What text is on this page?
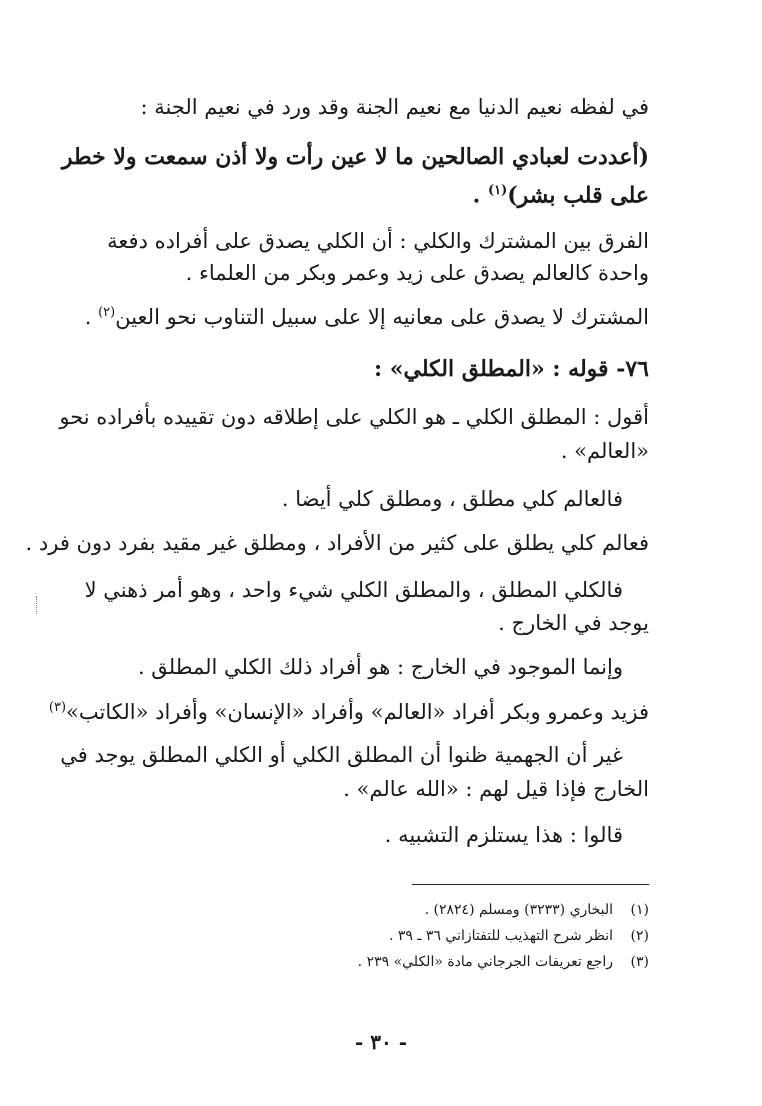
في لفظه نعيم الدنيا مع نعيم الجنة وقد ورد في نعيم الجنة :
(أعددت لعبادي الصالحين ما لا عين رأت ولا أذن سمعت ولا خطر
على قلب بشر)$^{(١)}$ .
الفرق بين المشترك والكلي : أن الكلي يصدق على أفراده دفعة
واحدة كالعالم يصدق على زيد وعمر وبكر من العلماء .
المشترك لا يصدق على معانيه إلا على سبيل التناوب نحو العين$^{(٢)}$ .
٧٦- قوله : «المطلق الكلي» :
أقول : المطلق الكلي ـ هو الكلي على إطلاقه دون تقييده بأفراده نحو
«العالم» .
فالعالم كلي مطلق ، ومطلق كلي أيضا .
فعالم كلي يطلق على كثير من الأفراد ، ومطلق غير مقيد بفرد دون فرد .
فالكلي المطلق ، والمطلق الكلي شيء واحد ، وهو أمر ذهني لا
يوجد في الخارج .
وإنما الموجود في الخارج : هو أفراد ذلك الكلي المطلق .
فزيد وعمرو وبكر أفراد «العالم» وأفراد «الإنسان» وأفراد «الكاتب»$^{(٣)}$
غير أن الجهمية ظنوا أن المطلق الكلي أو الكلي المطلق يوجد في
الخارج فإذا قيل لهم : «الله عالم» .
قالوا : هذا يستلزم التشبيه .
(١)البخاري (٣٢٣٣) ومسلم (٢٨٢٤) .
(٢)انظر شرح التهذيب للتفتازاني ٣٦ ـ ٣٩ .
(٣)راجع تعريفات الجرجاني مادة «الكلي» ٢٣٩ .
- ٣٠ -
